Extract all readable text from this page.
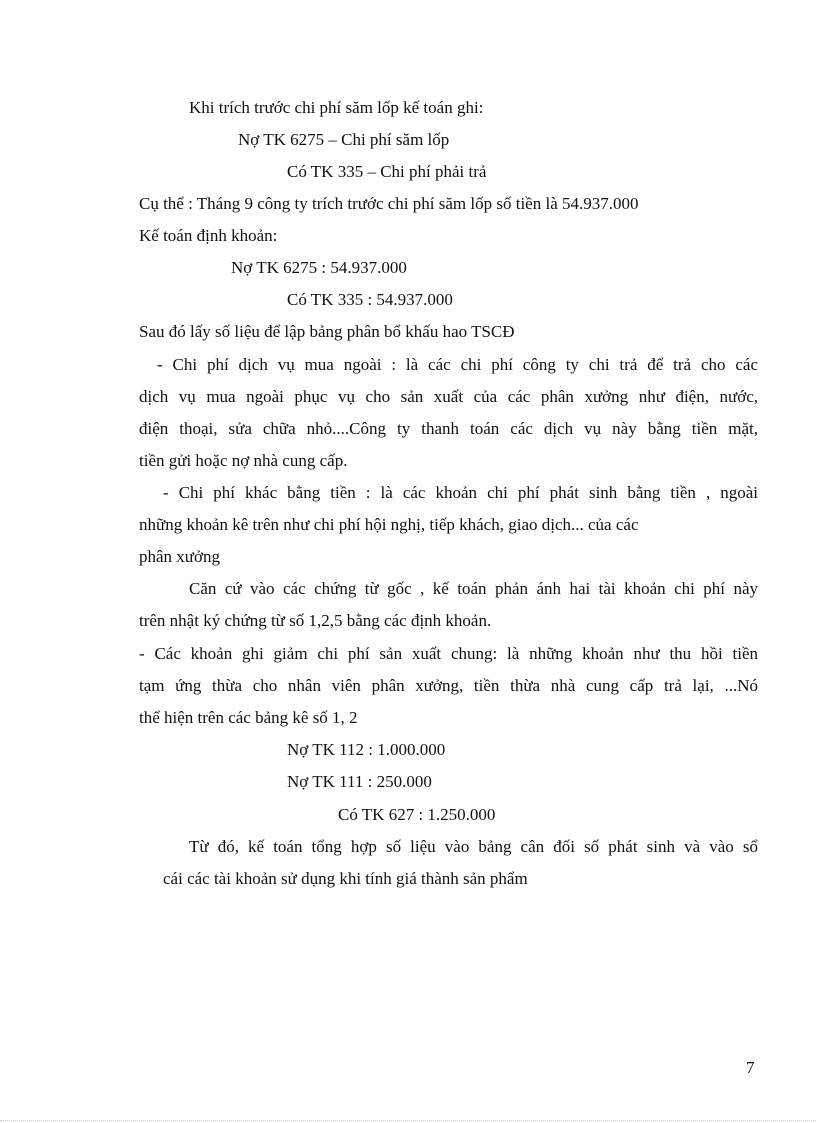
Khi trích trước chi phí săm lốp kế toán ghi:
Nợ TK 6275 – Chi phí săm lốp
Có TK 335 – Chi phí phải trả
Cụ thể : Tháng 9 công ty trích trước chi phí săm lốp số tiền là 54.937.000
Kế toán định khoản:
Nợ TK 6275 : 54.937.000
Có TK 335 : 54.937.000
Sau đó lấy số liệu để lập bảng phân bổ khấu hao TSCĐ
- Chi phí dịch vụ mua ngoài : là các chi phí công ty chi trả để trả cho các
dịch vụ mua ngoài phục vụ cho sản xuất của các phân xưởng như điện, nước,
điện thoại, sửa chữa nhỏ....Công ty thanh toán các dịch vụ này bằng tiền mặt,
tiền gửi hoặc nợ nhà cung cấp.
- Chi phí khác bằng tiền : là các khoản chi phí phát sinh bằng tiền , ngoài
những khoản kê trên như chi phí hội nghị, tiếp khách, giao dịch... của các
phân xưởng
Căn cứ vào các chứng từ gốc , kế toán phản ánh hai tài khoản chi phí này
trên nhật ký chứng từ số 1,2,5 bằng các định khoản.
- Các khoản ghi giảm chi phí sản xuất chung: là những khoản như thu hồi tiền
tạm ứng thừa cho nhân viên phân xưởng, tiền thừa nhà cung cấp trả lại, ...Nó
thể hiện trên các bảng kê số 1, 2
Nợ TK 112 : 1.000.000
Nợ TK 111 : 250.000
Có TK 627 : 1.250.000
Từ đó, kế toán tổng hợp số liệu vào bảng cân đối số phát sinh và vào sổ
cái các tài khoản sử dụng khi tính giá thành sản phẩm
7
